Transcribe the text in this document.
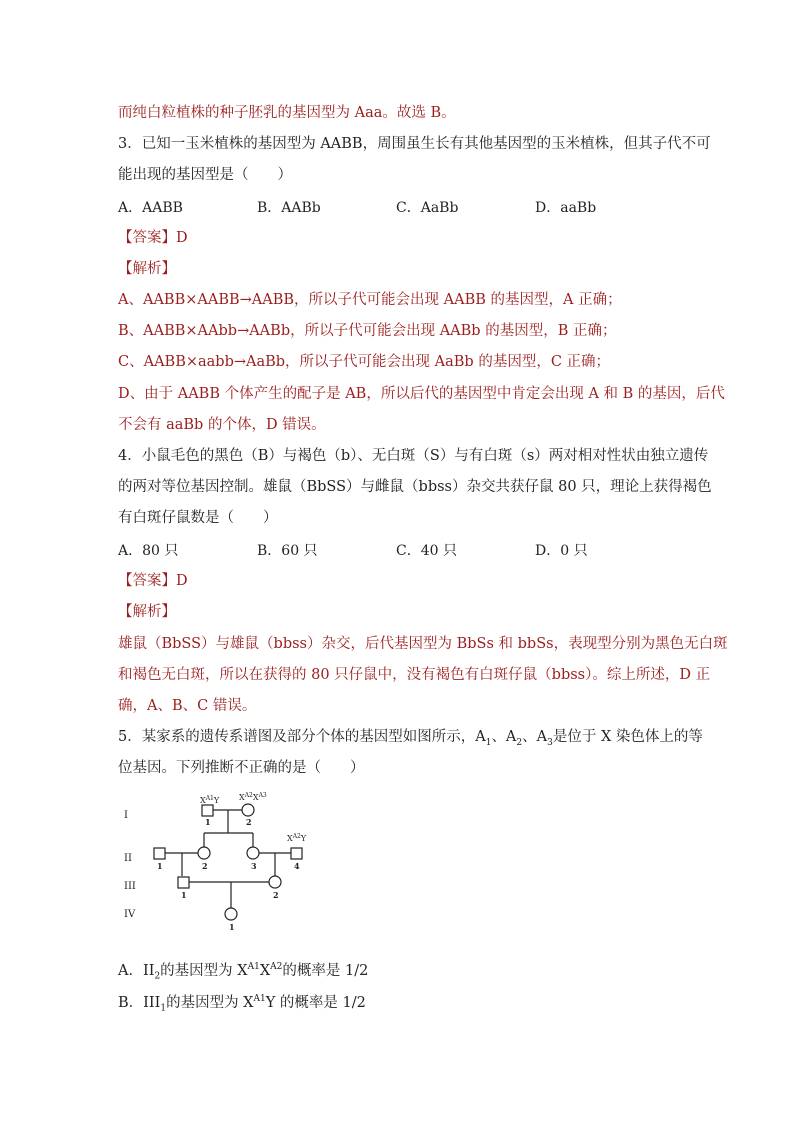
而纯白粒植株的种子胚乳的基因型为 Aaa。故选 B。
3．已知一玉米植株的基因型为 AABB，周围虽生长有其他基因型的玉米植株，但其子代不可
能出现的基因型是（　　）
A．AABB	B．AABb	C．AaBb	D．aaBb
【答案】D
【解析】
A、AABB×AABB→AABB，所以子代可能会出现 AABB 的基因型，A 正确；
B、AABB×AAbb→AABb，所以子代可能会出现 AABb 的基因型，B 正确；
C、AABB×aabb→AaBb，所以子代可能会出现 AaBb 的基因型，C 正确；
D、由于 AABB 个体产生的配子是 AB，所以后代的基因型中肯定会出现 A 和 B 的基因，后代
不会有 aaBb 的个体，D 错误。
4．小鼠毛色的黑色（B）与褐色（b）、无白斑（S）与有白斑（s）两对相对性状由独立遗传
的两对等位基因控制。雄鼠（BbSS）与雌鼠（bbss）杂交共获仔鼠 80 只，理论上获得褐色
有白斑仔鼠数是（　　）
A．80 只	B．60 只	C．40 只	D．0 只
【答案】D
【解析】
雄鼠（BbSS）与雄鼠（bbss）杂交，后代基因型为 BbSs 和 bbSs，表现型分别为黑色无白斑
和褐色无白斑，所以在获得的 80 只仔鼠中，没有褐色有白斑仔鼠（bbss）。综上所述，D 正
确，A、B、C 错误。
5．某家系的遗传系谱图及部分个体的基因型如图所示，$A_1$、$A_2$、$A_3$是位于 X 染色体上的等
位基因。下列推断不正确的是（　　）
I
II
III
IV
$X^{A1}Y$ $X^{A2}X^{A3}$
$X^{A2}Y$
1	2
1	2	3	4
1	2
1
A．$II_2$的基因型为 $X^{A1}X^{A2}$的概率是 1/2
B．$III_1$的基因型为 $X^{A1}Y$ 的概率是 1/2
